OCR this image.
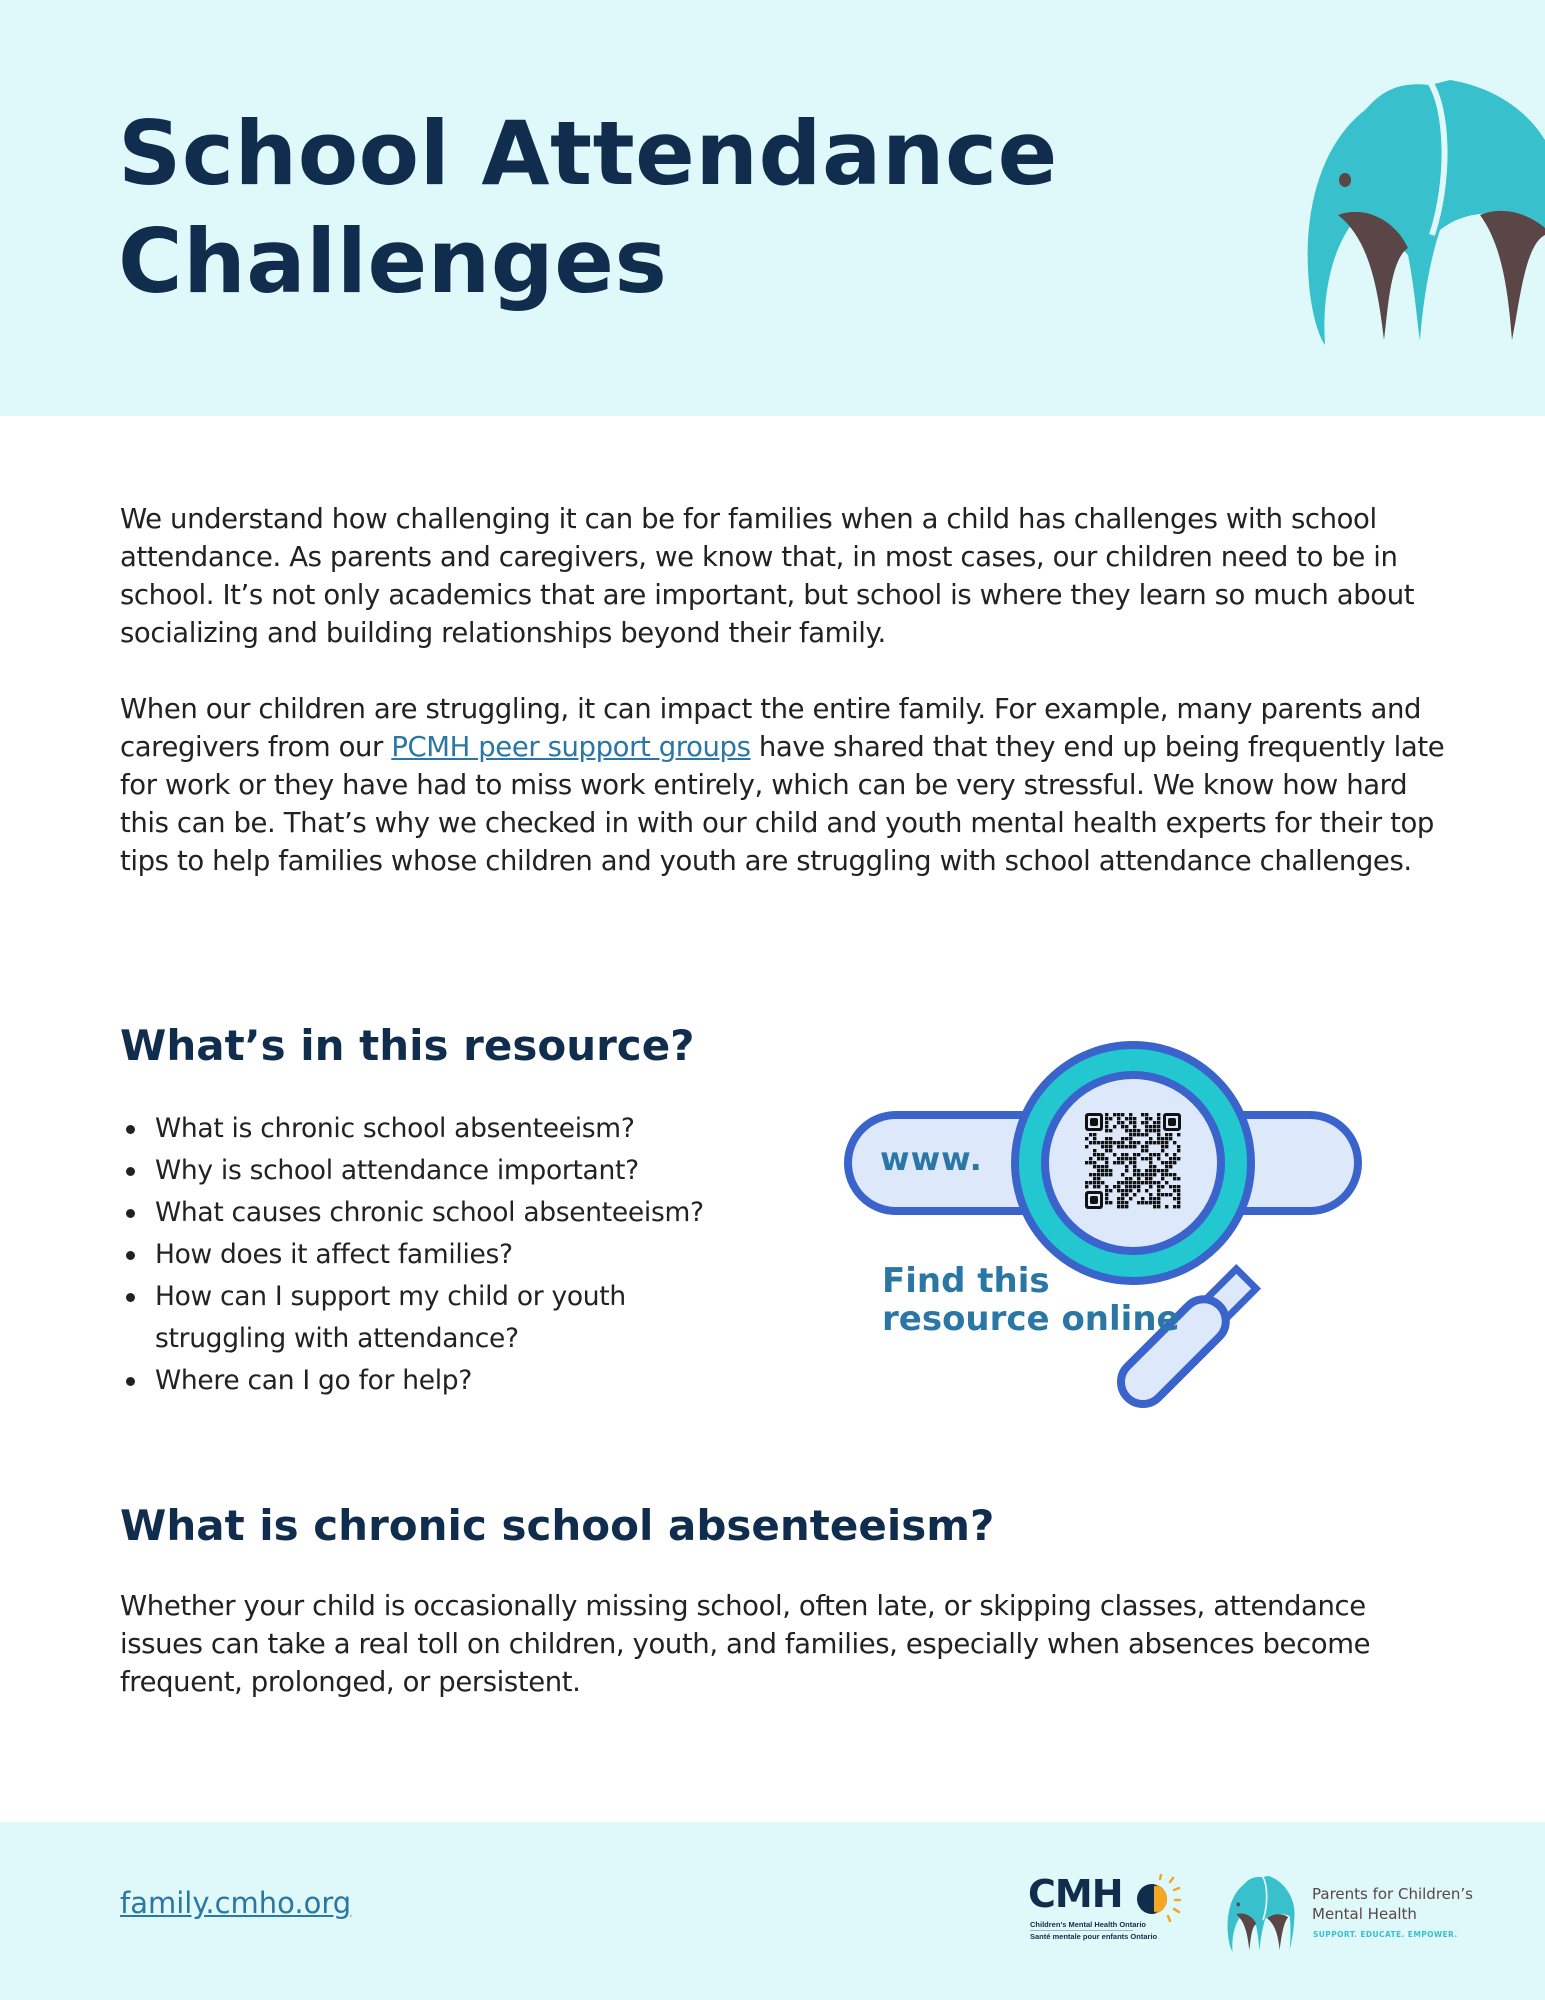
School Attendance
Challenges

We understand how challenging it can be for families when a child has challenges with school attendance. As parents and caregivers, we know that, in most cases, our children need to be in school. It’s not only academics that are important, but school is where they learn so much about socializing and building relationships beyond their family.

When our children are struggling, it can impact the entire family. For example, many parents and caregivers from our PCMH peer support groups have shared that they end up being frequently late for work or they have had to miss work entirely, which can be very stressful. We know how hard this can be. That’s why we checked in with our child and youth mental health experts for their top tips to help families whose children and youth are struggling with school attendance challenges.

What’s in this resource?
What is chronic school absenteeism?
Why is school attendance important?
What causes chronic school absenteeism?
How does it affect families?
How can I support my child or youth struggling with attendance?
Where can I go for help?
www.

Find this
resource online

What is chronic school absenteeism?

Whether your child is occasionally missing school, often late, or skipping classes, attendance issues can take a real toll on children, youth, and families, especially when absences become frequent, prolonged, or persistent.

family.cmho.org	CMH
Children’s Mental Health Ontario
Santé mentale pour enfants Ontario

Parents for Children’s
Mental Health

SUPPORT. EDUCATE. EMPOWER.
